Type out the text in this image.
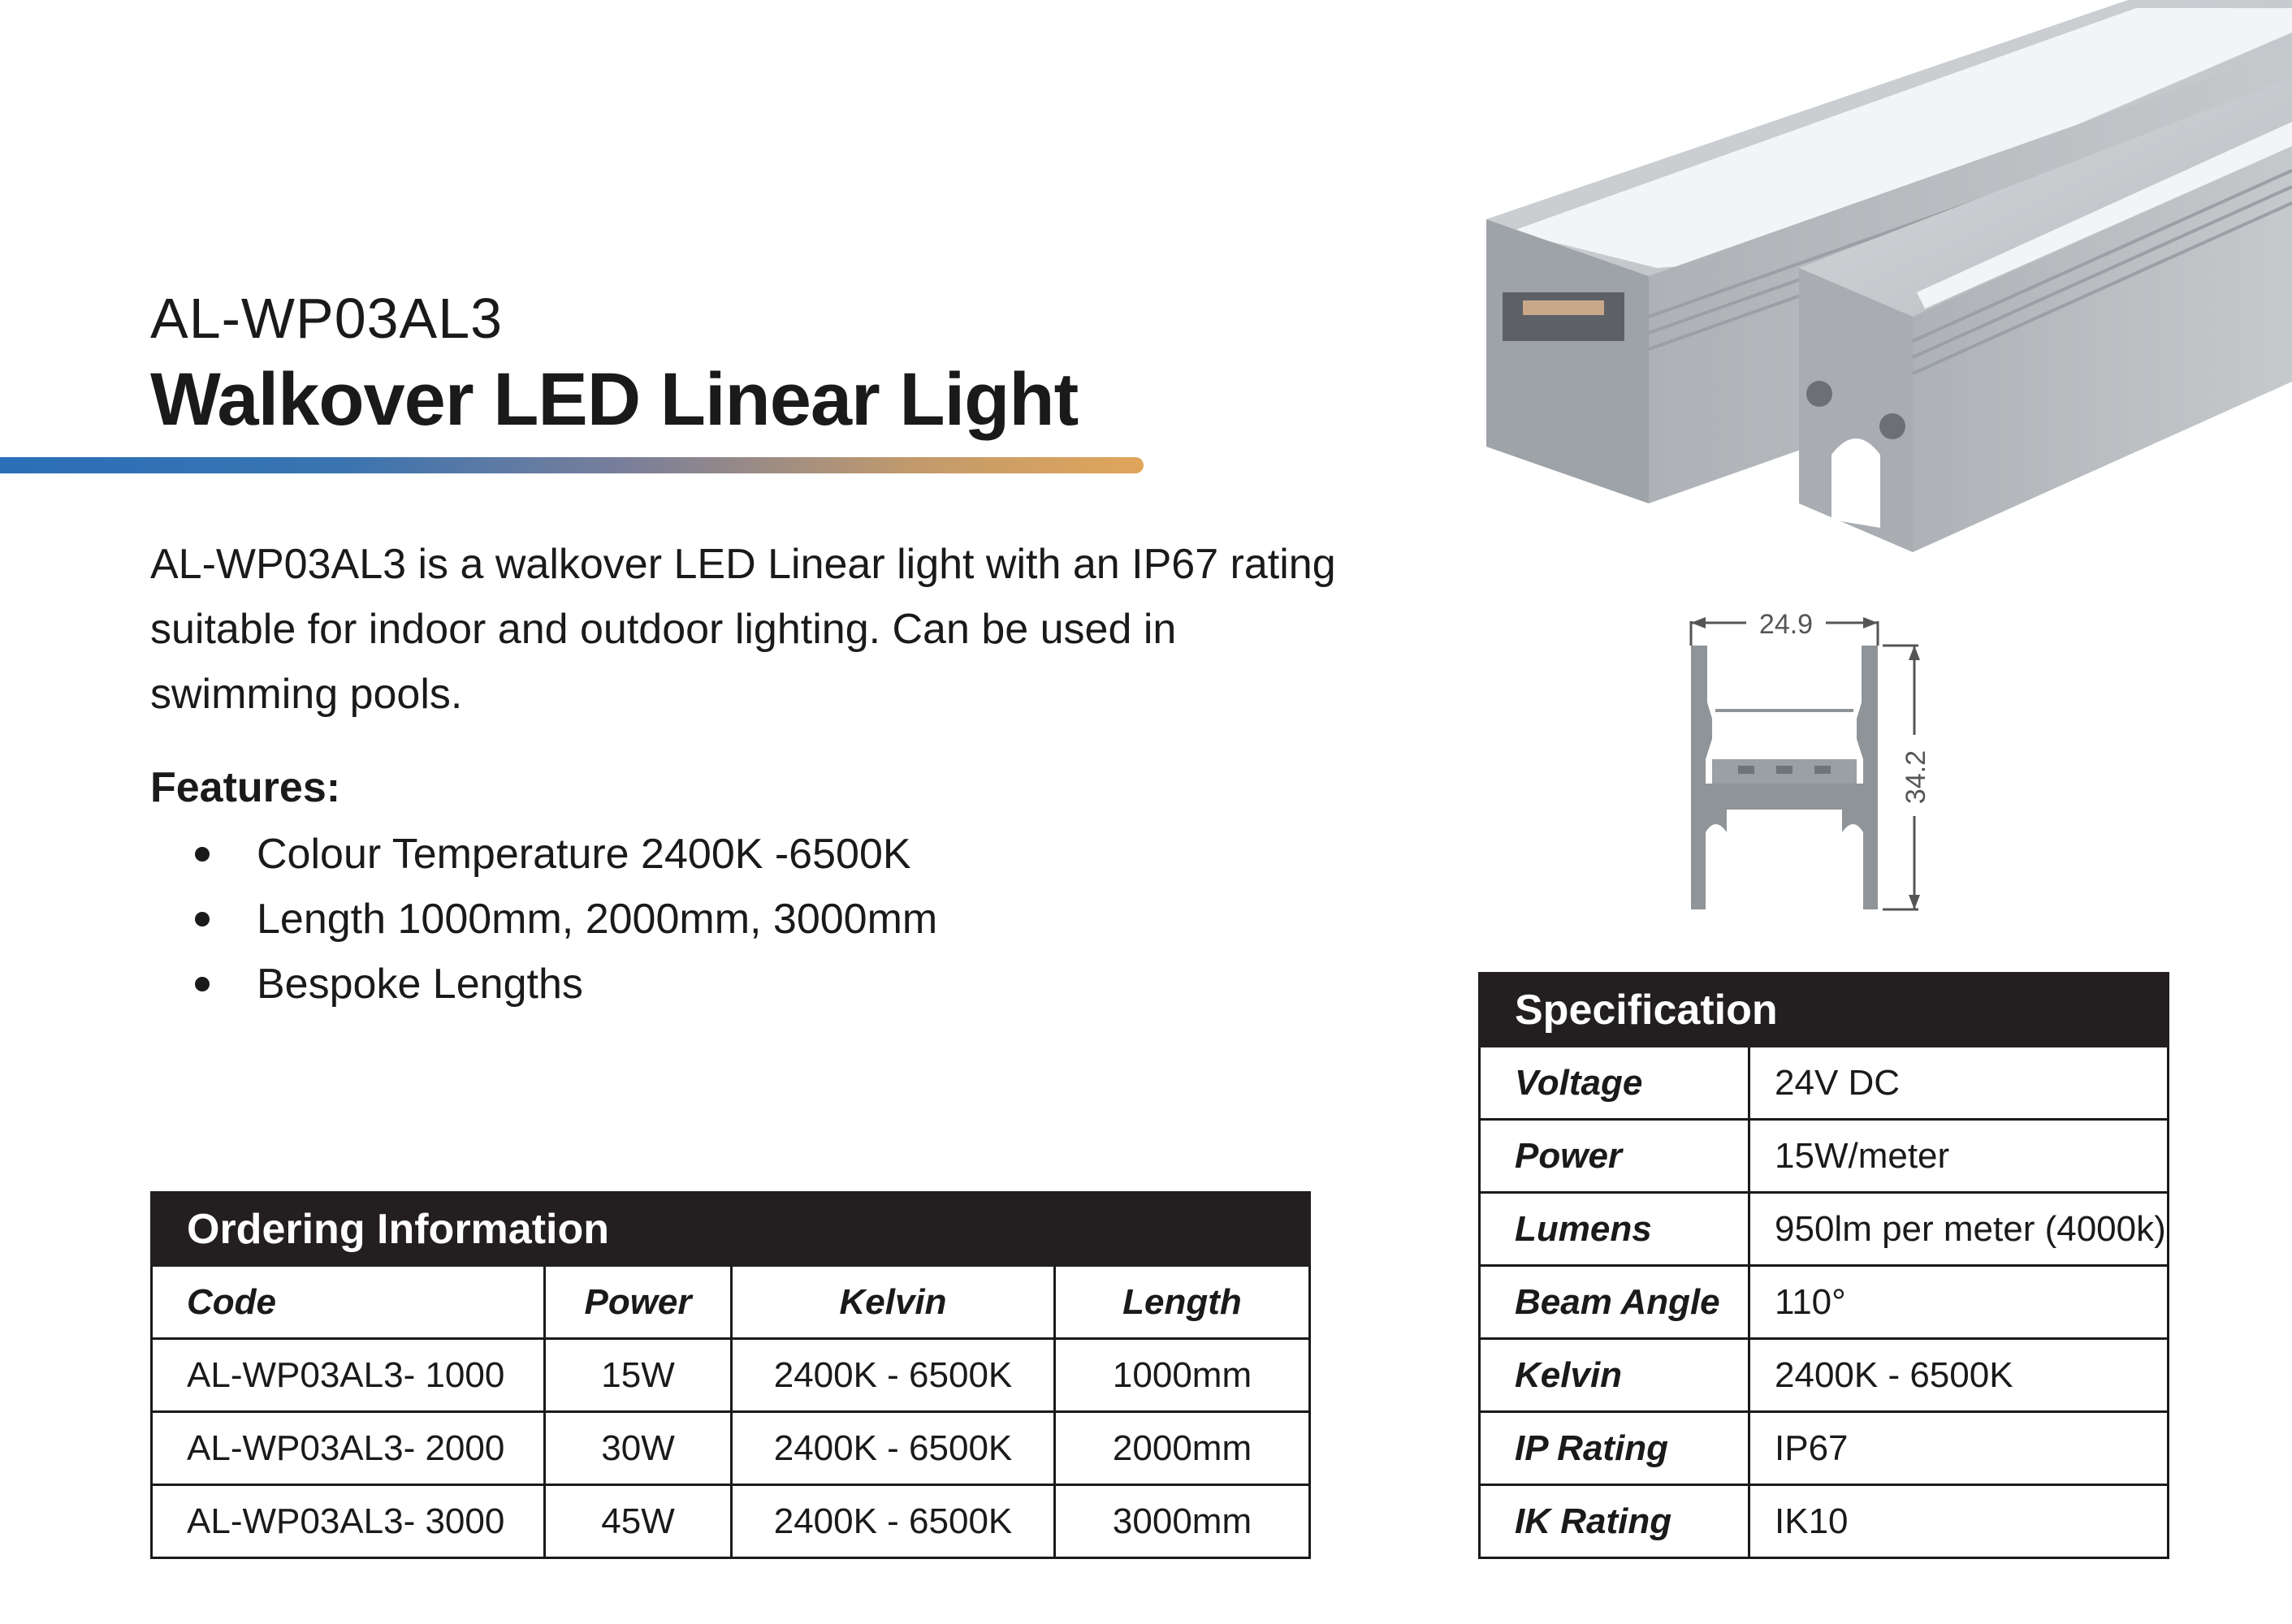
AL-WP03AL3
Walkover LED Linear Light

AL-WP03AL3 is a walkover LED Linear light with an IP67 rating suitable for indoor and outdoor lighting. Can be used in swimming pools.

Features:
Colour Temperature 2400K -6500K
Length 1000mm, 2000mm, 3000mm
Bespoke Lengths
24.9
34.2
Specification	
Voltage	24V DC
Power	15W/meter
Lumens	950lm per meter (4000k)
Beam Angle	110°
Kelvin	2400K - 6500K
IP Rating	IP67
IK Rating	IK10
Ordering Information			
Code	Power	Kelvin	Length
AL-WP03AL3- 1000	15W	2400K - 6500K	1000mm
AL-WP03AL3- 2000	30W	2400K - 6500K	2000mm
AL-WP03AL3- 3000	45W	2400K - 6500K	3000mm
